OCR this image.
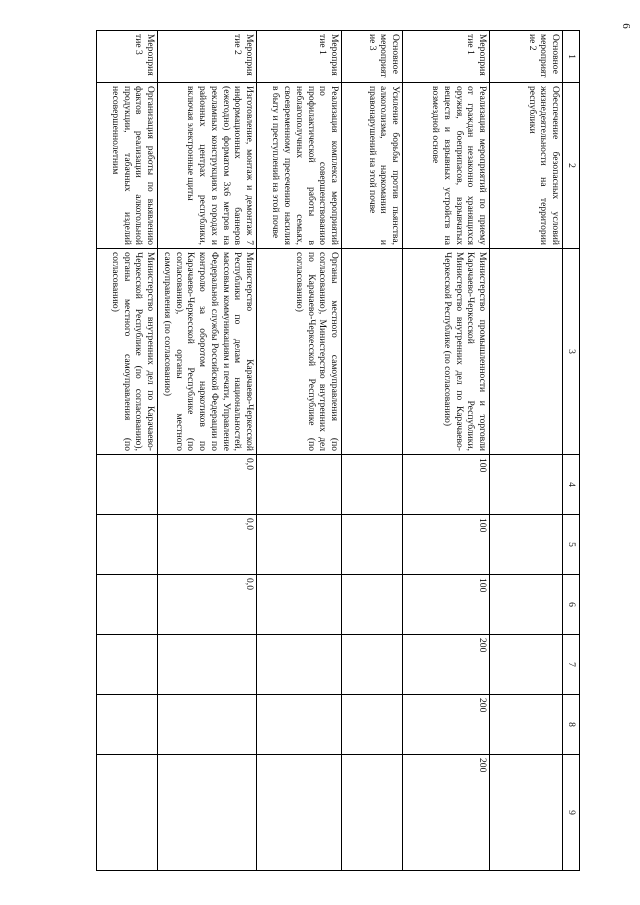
6
1	2	3	4	5	6	7	8	9
Основное мероприятие 2	Обеспечение безопасных условий жизнедеятельности на территории республики							
Мероприятие 1	Реализация мероприятий по приему от граждан незаконно хранящихся оружия, боеприпасов, взрывчатых веществ и взрывных устройств на возмездной основе	Министерство промышленности и торговли Карачаево-Черкесской Республики, Министерство внутренних дел по Карачаево-Черкесской Республике (по согласованию)	100	100	100	200	200	200
Основное мероприятие 3	Усиление борьбы против пьянства, алкоголизма, наркомании и правонарушений на этой почве							
Мероприятие 1	Реализация комплекса мероприятий по совершенствованию профилактической работы в неблагополучных семьях, своевременному пресечению насилия в быту и преступлений на этой почве	Органы местного самоуправления (по согласованию), Министерство внутренних дел по Карачаево-Черкесской Республике (по согласованию)						
Мероприятие 2	Изготовление, монтаж и демонтаж 7 информационных баннеров (ежегодно) форматом 3х6 метров на рекламных конструкциях в городах и районных центрах республики, включая электронные щиты	Министерство Карачаево-Черкесской Республики по делам национальностей, массовым коммуникациям и печати, Управление Федеральной службы Российской Федерации по контролю за оборотом наркотиков по Карачаево-Черкесской Республике (по согласованию), органы местного самоуправления (по согласованию)	0,0	0,0	0,0			
Мероприятие 3	Организация работы по выявлению фактов реализации алкогольной продукции, табачных изделий несовершеннолетним	Министерство внутренних дел по Карачаево-Черкесской Республике (по согласованию), органы местного самоуправления (по согласованию)						
